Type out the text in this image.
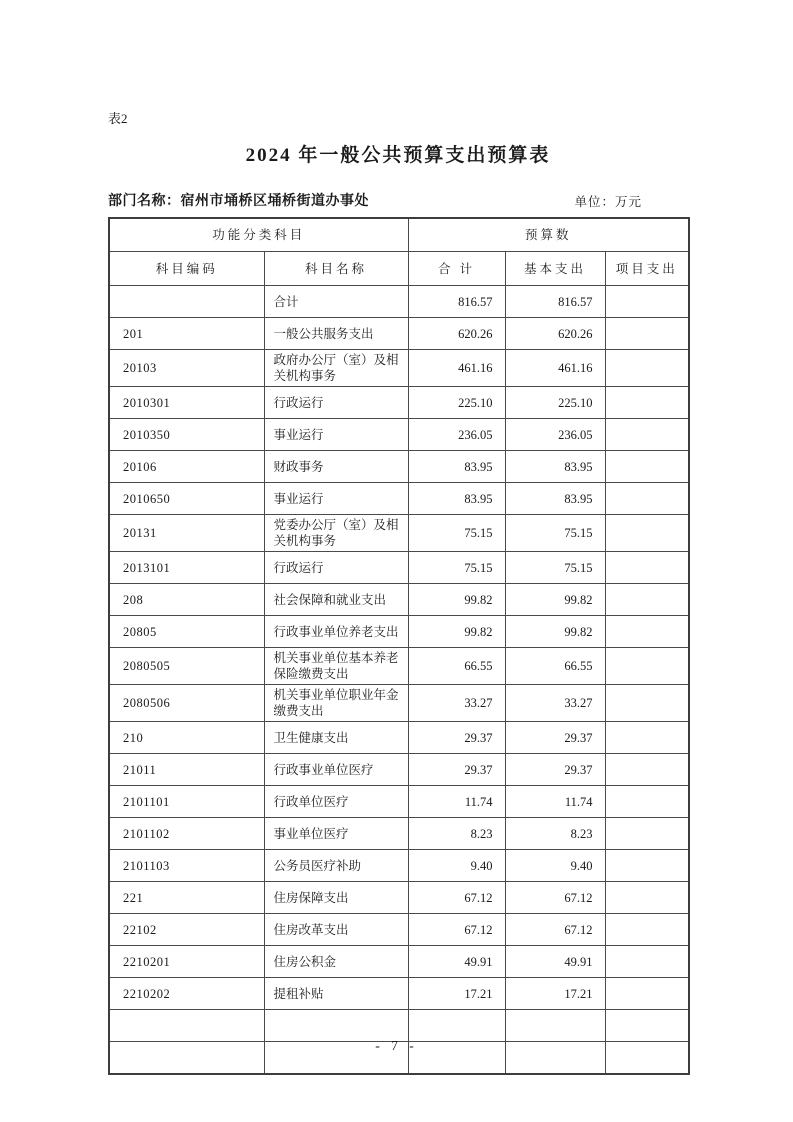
表2
2024 年一般公共预算支出预算表
部门名称：宿州市埇桥区埇桥街道办事处	单位：万元
功能分类科目		预算数		
科目编码	科目名称	合 计	基本支出	项目支出
	合计	816.57	816.57	
201	一般公共服务支出	620.26	620.26	
20103	政府办公厅（室）及相关机构事务	461.16	461.16	
2010301	行政运行	225.10	225.10	
2010350	事业运行	236.05	236.05	
20106	财政事务	83.95	83.95	
2010650	事业运行	83.95	83.95	
20131	党委办公厅（室）及相关机构事务	75.15	75.15	
2013101	行政运行	75.15	75.15	
208	社会保障和就业支出	99.82	99.82	
20805	行政事业单位养老支出	99.82	99.82	
2080505	机关事业单位基本养老保险缴费支出	66.55	66.55	
2080506	机关事业单位职业年金缴费支出	33.27	33.27	
210	卫生健康支出	29.37	29.37	
21011	行政事业单位医疗	29.37	29.37	
2101101	行政单位医疗	11.74	11.74	
2101102	事业单位医疗	8.23	8.23	
2101103	公务员医疗补助	9.40	9.40	
221	住房保障支出	67.12	67.12	
22102	住房改革支出	67.12	67.12	
2210201	住房公积金	49.91	49.91	
2210202	提租补贴	17.21	17.21	

- 7 -
